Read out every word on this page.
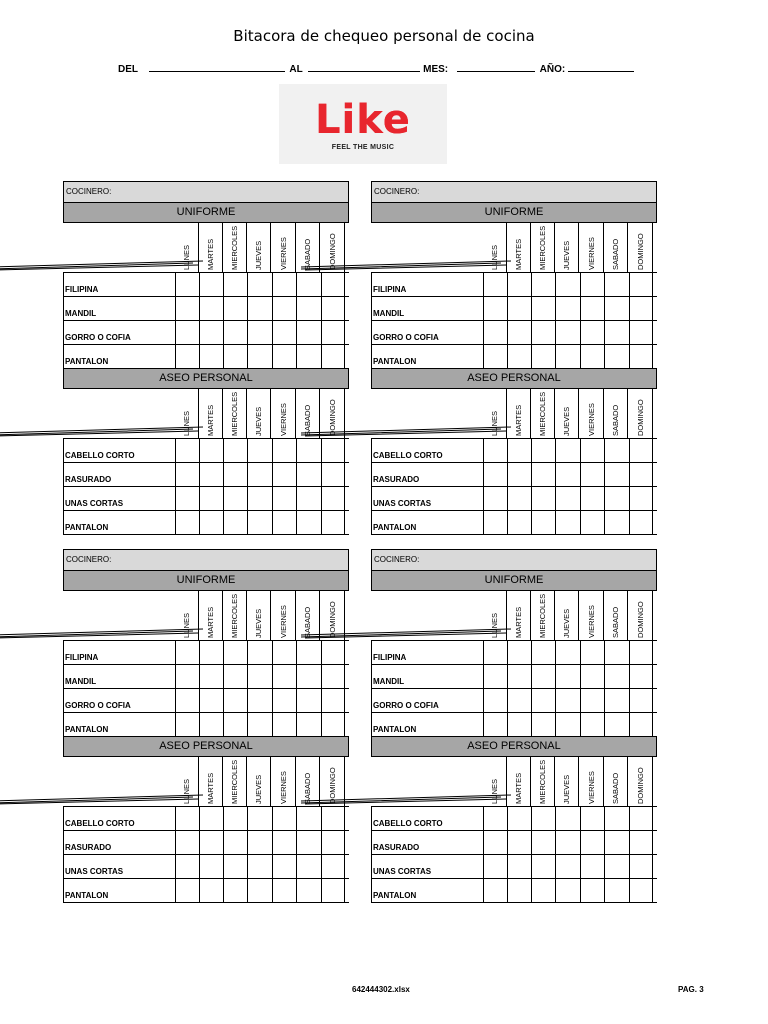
Bitacora de chequeo personal de cocina
DEL	AL	MES:	AÑO:
Like
FEEL THE MUSIC
COCINERO:
UNIFORME
LUNES MARTES MIERCOLES JUEVES VIERNES SABADO DOMINGO
FILIPINA
MANDIL
GORRO O COFIA
PANTALON
ASEO PERSONAL
LUNES MARTES MIERCOLES JUEVES VIERNES SABADO DOMINGO
CABELLO CORTO
RASURADO
UNAS CORTAS
PANTALON
COCINERO:
UNIFORME
LUNES MARTES MIERCOLES JUEVES VIERNES SABADO DOMINGO
FILIPINA
MANDIL
GORRO O COFIA
PANTALON
ASEO PERSONAL
LUNES MARTES MIERCOLES JUEVES VIERNES SABADO DOMINGO
CABELLO CORTO
RASURADO
UNAS CORTAS
PANTALON
COCINERO:
UNIFORME
LUNES MARTES MIERCOLES JUEVES VIERNES SABADO DOMINGO
FILIPINA
MANDIL
GORRO O COFIA
PANTALON
ASEO PERSONAL
LUNES MARTES MIERCOLES JUEVES VIERNES SABADO DOMINGO
CABELLO CORTO
RASURADO
UNAS CORTAS
PANTALON
COCINERO:
UNIFORME
LUNES MARTES MIERCOLES JUEVES VIERNES SABADO DOMINGO
FILIPINA
MANDIL
GORRO O COFIA
PANTALON
ASEO PERSONAL
LUNES MARTES MIERCOLES JUEVES VIERNES SABADO DOMINGO
CABELLO CORTO
RASURADO
UNAS CORTAS
PANTALON
642444302.xlsx	PAG. 3
